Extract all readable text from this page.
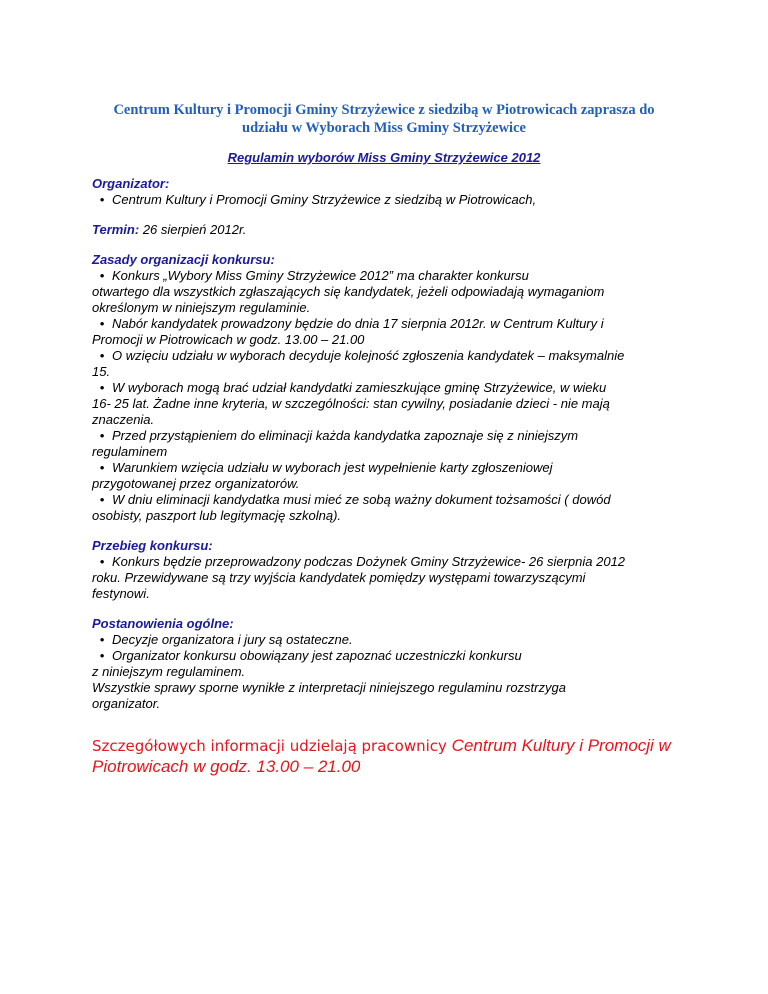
Centrum Kultury i Promocji Gminy Strzyżewice z siedzibą w Piotrowicach zaprasza do
udziału w Wyborach Miss Gminy Strzyżewice
Regulamin wyborów Miss Gminy Strzyżewice 2012
Organizator:
• Centrum Kultury i Promocji Gminy Strzyżewice z siedzibą w Piotrowicach,
Termin: 26 sierpień 2012r.
Zasady organizacji konkursu:
• Konkurs „Wybory Miss Gminy Strzyżewice 2012” ma charakter konkursu
otwartego dla wszystkich zgłaszających się kandydatek, jeżeli odpowiadają wymaganiom
określonym w niniejszym regulaminie.
• Nabór kandydatek prowadzony będzie do dnia 17 sierpnia 2012r. w Centrum Kultury i
Promocji w Piotrowicach w godz. 13.00 – 21.00
• O wzięciu udziału w wyborach decyduje kolejność zgłoszenia kandydatek – maksymalnie
15.
• W wyborach mogą brać udział kandydatki zamieszkujące gminę Strzyżewice, w wieku
16- 25 lat. Żadne inne kryteria, w szczególności: stan cywilny, posiadanie dzieci - nie mają
znaczenia.
• Przed przystąpieniem do eliminacji każda kandydatka zapoznaje się z niniejszym
regulaminem
• Warunkiem wzięcia udziału w wyborach jest wypełnienie karty zgłoszeniowej
przygotowanej przez organizatorów.
• W dniu eliminacji kandydatka musi mieć ze sobą ważny dokument tożsamości ( dowód
osobisty, paszport lub legitymację szkolną).
Przebieg konkursu:
• Konkurs będzie przeprowadzony podczas Dożynek Gminy Strzyżewice- 26 sierpnia 2012
roku. Przewidywane są trzy wyjścia kandydatek pomiędzy występami towarzyszącymi
festynowi.
Postanowienia ogólne:
• Decyzje organizatora i jury są ostateczne.
• Organizator konkursu obowiązany jest zapoznać uczestniczki konkursu
z niniejszym regulaminem.
Wszystkie sprawy sporne wynikłe z interpretacji niniejszego regulaminu rozstrzyga
organizator.
Szczegółowych informacji udzielają pracownicy Centrum Kultury i Promocji w
Piotrowicach w godz. 13.00 – 21.00
